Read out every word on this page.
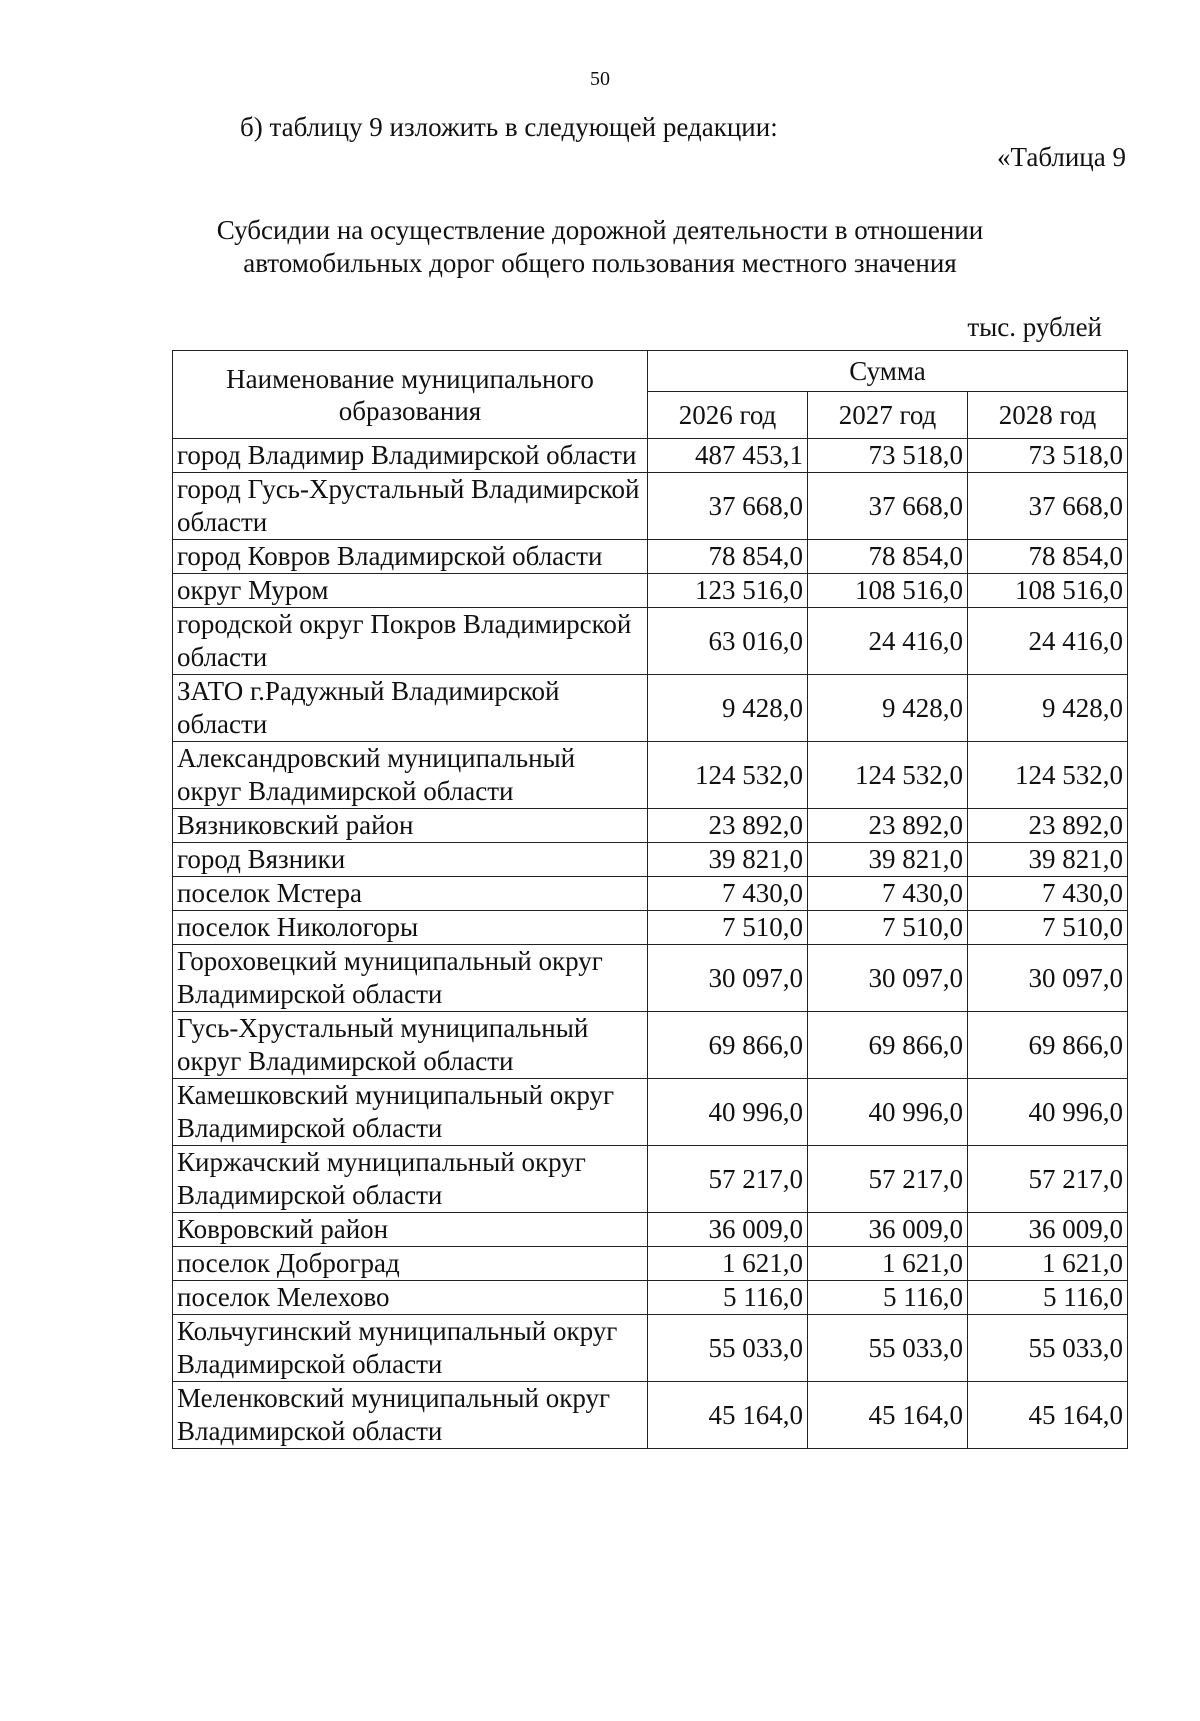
50
б) таблицу 9 изложить в следующей редакции:
«Таблица 9
Субсидии на осуществление дорожной деятельности в отношении
автомобильных дорог общего пользования местного значения
тыс. рублей
Наименование муниципального образования	Сумма		
	2026 год	2027 год	2028 год
город Владимир Владимирской области	487 453,1	73 518,0	73 518,0
город Гусь-Хрустальный Владимирской области	37 668,0	37 668,0	37 668,0
город Ковров Владимирской области	78 854,0	78 854,0	78 854,0
округ Муром	123 516,0	108 516,0	108 516,0
городской округ Покров Владимирской области	63 016,0	24 416,0	24 416,0
ЗАТО г.Радужный Владимирской области	9 428,0	9 428,0	9 428,0
Александровский муниципальный округ Владимирской области	124 532,0	124 532,0	124 532,0
Вязниковский район	23 892,0	23 892,0	23 892,0
город Вязники	39 821,0	39 821,0	39 821,0
поселок Мстера	7 430,0	7 430,0	7 430,0
поселок Никологоры	7 510,0	7 510,0	7 510,0
Гороховецкий муниципальный округ Владимирской области	30 097,0	30 097,0	30 097,0
Гусь-Хрустальный муниципальный округ Владимирской области	69 866,0	69 866,0	69 866,0
Камешковский муниципальный округ Владимирской области	40 996,0	40 996,0	40 996,0
Киржачский муниципальный округ Владимирской области	57 217,0	57 217,0	57 217,0
Ковровский район	36 009,0	36 009,0	36 009,0
поселок Доброград	1 621,0	1 621,0	1 621,0
поселок Мелехово	5 116,0	5 116,0	5 116,0
Кольчугинский муниципальный округ Владимирской области	55 033,0	55 033,0	55 033,0
Меленковский муниципальный округ Владимирской области	45 164,0	45 164,0	45 164,0
